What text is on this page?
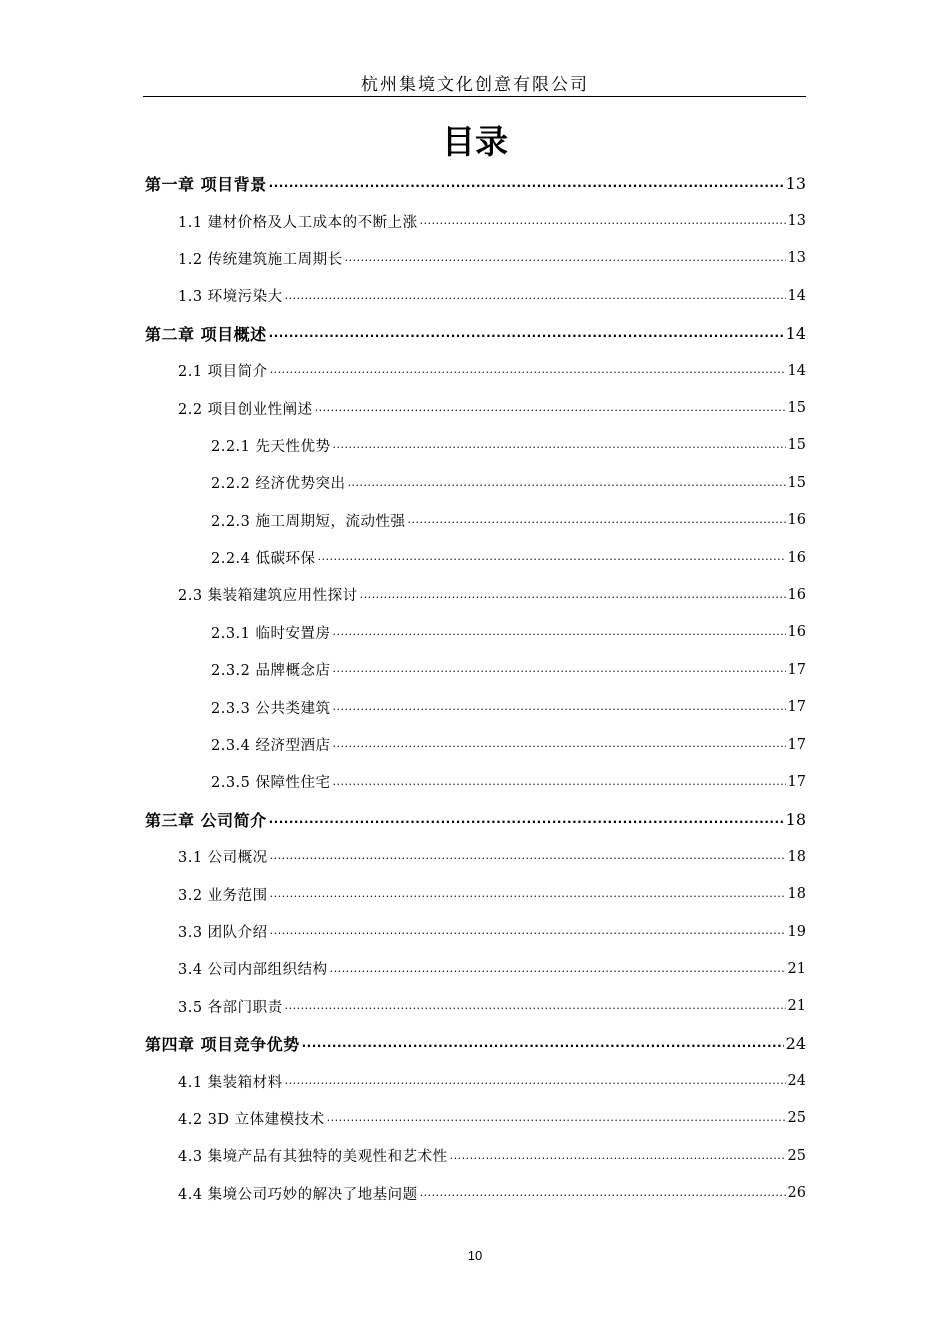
杭州集境文化创意有限公司
目录
第一章 项目背景 .....	13
1.1 建材价格及人工成本的不断上涨 .....	13
1.2 传统建筑施工周期长 .....	13
1.3 环境污染大 .....	14
第二章 项目概述 .....	14
2.1 项目简介 .....	14
2.2 项目创业性阐述 .....	15
2.2.1 先天性优势 .....	15
2.2.2 经济优势突出 .....	15
2.2.3 施工周期短，流动性强 .....	16
2.2.4 低碳环保 .....	16
2.3 集装箱建筑应用性探讨 .....	16
2.3.1 临时安置房 .....	16
2.3.2 品牌概念店 .....	17
2.3.3 公共类建筑 .....	17
2.3.4 经济型酒店 .....	17
2.3.5 保障性住宅 .....	17
第三章 公司简介 .....	18
3.1 公司概况 .....	18
3.2 业务范围 .....	18
3.3 团队介绍 .....	19
3.4 公司内部组织结构 .....	21
3.5 各部门职责 .....	21
第四章 项目竞争优势 .....	24
4.1 集装箱材料 .....	24
4.2 3D 立体建模技术 .....	25
4.3 集境产品有其独特的美观性和艺术性 .....	25
4.4 集境公司巧妙的解决了地基问题 .....	26
10
